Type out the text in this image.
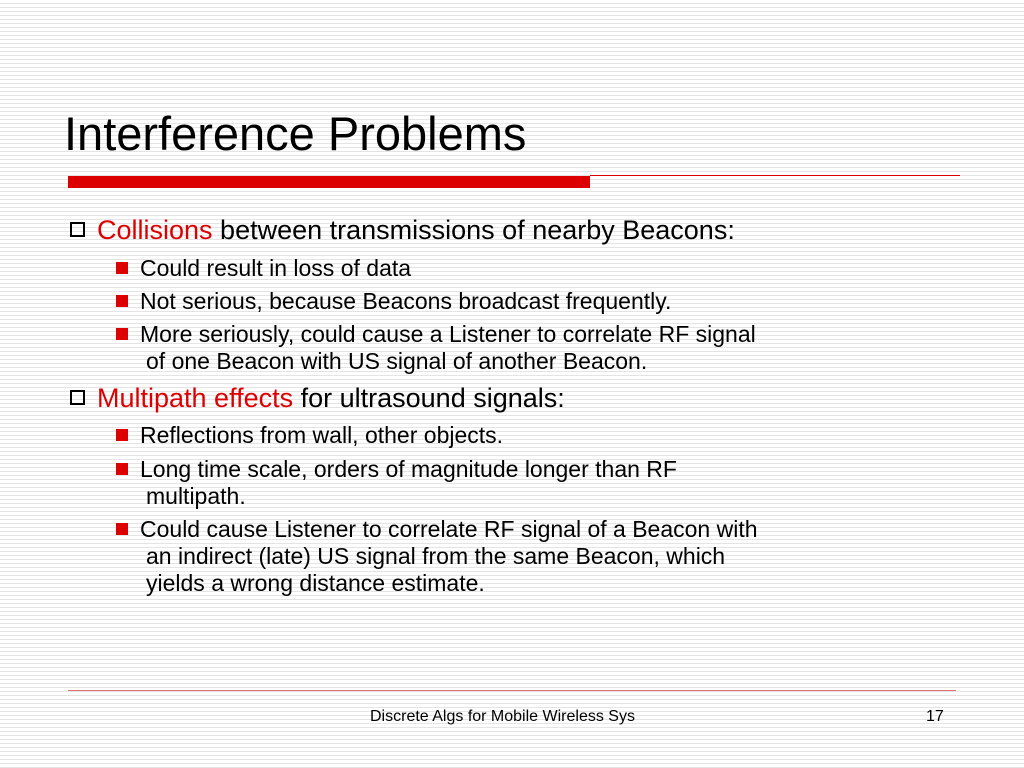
Interference Problems
Collisions between transmissions of nearby Beacons:
Could result in loss of data
Not serious, because Beacons broadcast frequently.
More seriously, could cause a Listener to correlate RF signal
of one Beacon with US signal of another Beacon.
Multipath effects for ultrasound signals:
Reflections from wall, other objects.
Long time scale, orders of magnitude longer than RF
multipath.
Could cause Listener to correlate RF signal of a Beacon with
an indirect (late) US signal from the same Beacon, which
yields a wrong distance estimate.
Discrete Algs for Mobile Wireless Sys	17
